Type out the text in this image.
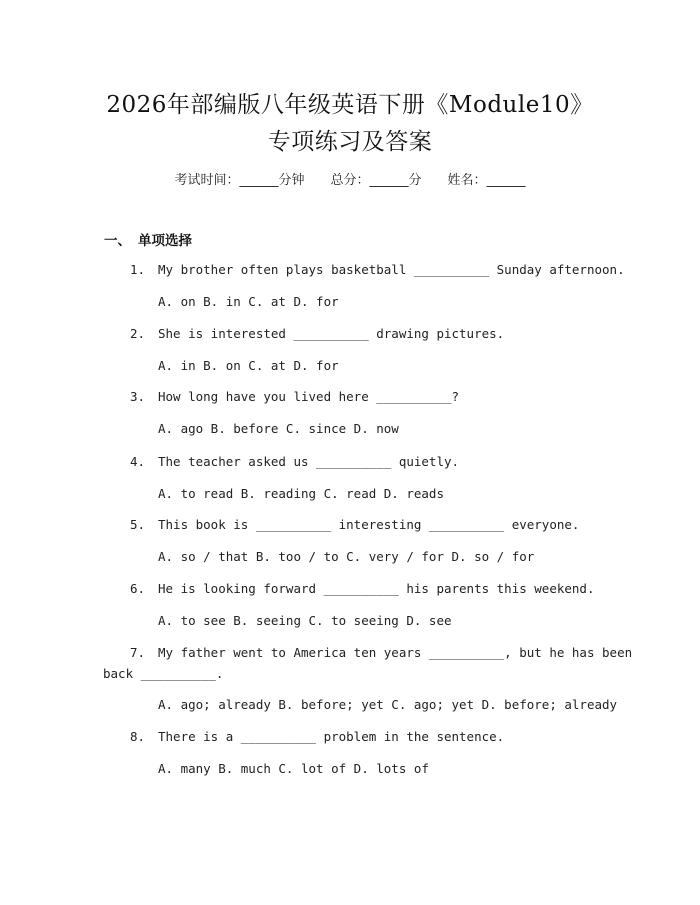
2026年部编版八年级英语下册《Module10》
专项练习及答案
考试时间：______分钟 总分：______分 姓名：______
一、 单项选择
1. My brother often plays basketball __________ Sunday afternoon.
A. on B. in C. at D. for
2. She is interested __________ drawing pictures.
A. in B. on C. at D. for
3. How long have you lived here __________?
A. ago B. before C. since D. now
4. The teacher asked us __________ quietly.
A. to read B. reading C. read D. reads
5. This book is __________ interesting __________ everyone.
A. so / that B. too / to C. very / for D. so / for
6. He is looking forward __________ his parents this weekend.
A. to see B. seeing C. to seeing D. see
7. My father went to America ten years __________, but he has been
back __________.
A. ago; already B. before; yet C. ago; yet D. before; already
8. There is a __________ problem in the sentence.
A. many B. much C. lot of D. lots of
